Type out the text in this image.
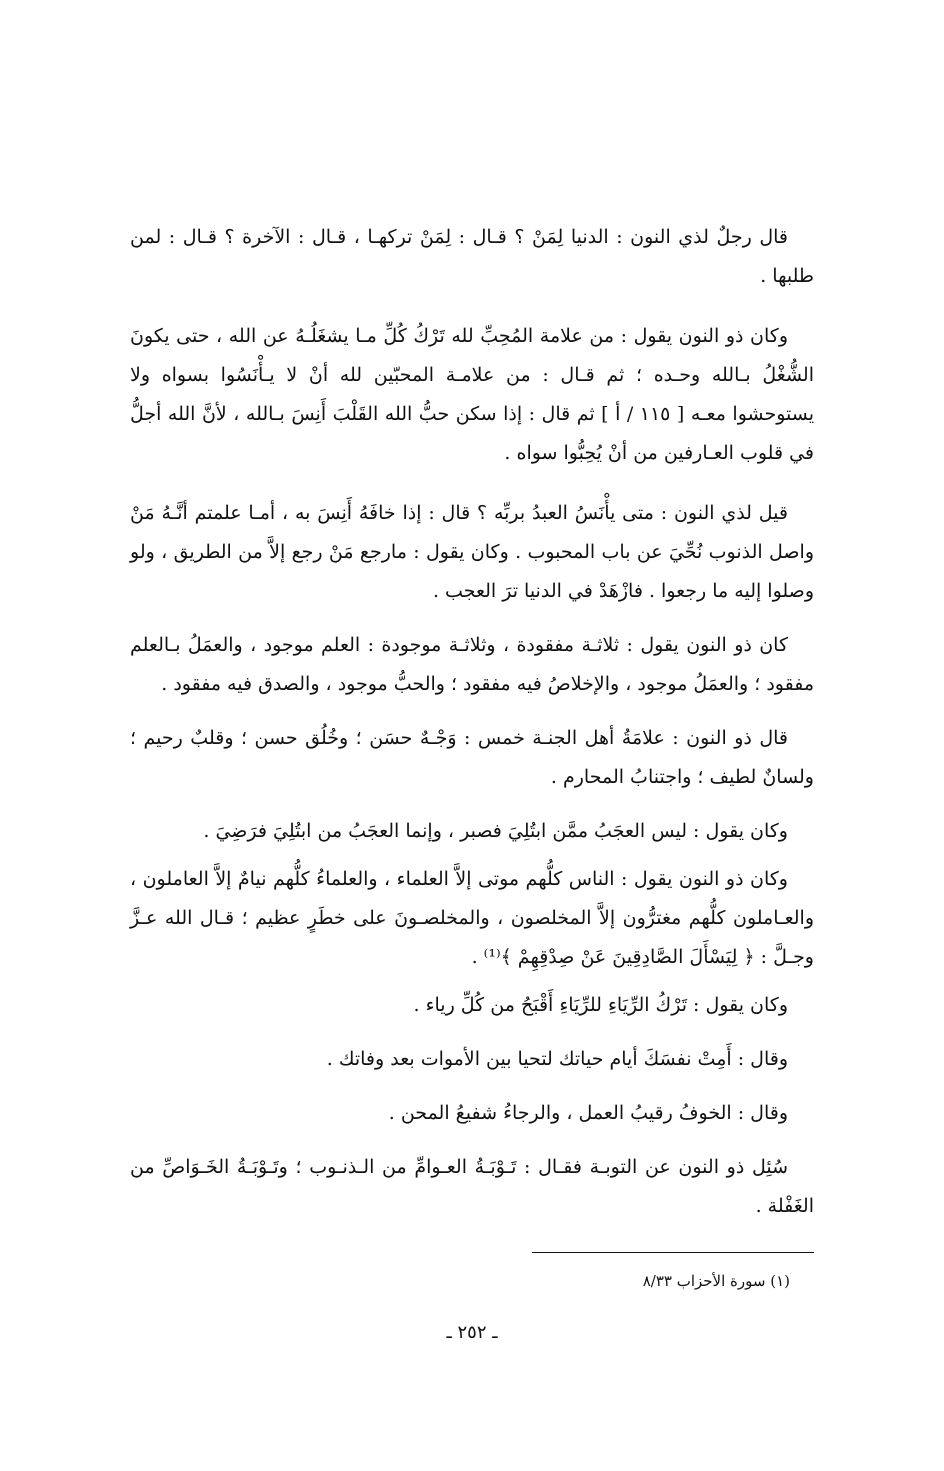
قال رجلٌ لذي النون : الدنيا لِمَنْ ؟ قـال : لِمَنْ تركهـا ، قـال : الآخرة ؟ قـال : لمن طلبها .

وكان ذو النون يقول : من علامة المُحِبِّ لله تَرْكُ كُلِّ مـا يشغَلُـهُ عن الله ، حتى يكونَ الشُّغْلُ بـالله وحـده ؛ ثم قـال : من علامـة المحبّين لله أنْ لا يـأْنَسُوا بسواه ولا يستوحشوا معـه [ ١١٥ / أ ] ثم قال : إذا سكن حبُّ الله القَلْبَ أَنِسَ بـالله ، لأنَّ الله أجلُّ في قلوب العـارفين من أنْ يُحِبُّوا سواه .

قيل لذي النون : متى يأْنَسُ العبدُ بربِّه ؟ قال : إذا خافَهُ أَنِسَ به ، أمـا علمتم أنَّـهُ مَنْ واصل الذنوب نُحِّيَ عن باب المحبوب . وكان يقول : مارجع مَنْ رجع إلاَّ من الطريق ، ولو وصلوا إليه ما رجعوا . فازْهَدْ في الدنيا ترَ العجب .

كان ذو النون يقول : ثلاثـة مفقودة ، وثلاثـة موجودة : العلم موجود ، والعمَلُ بـالعلم مفقود ؛ والعمَلُ موجود ، والإخلاصُ فيه مفقود ؛ والحبُّ موجود ، والصدق فيه مفقود .

قال ذو النون : علامَةُ أهل الجنـة خمس : وَجْـهٌ حسَن ؛ وخُلُق حسن ؛ وقلبٌ رحيم ؛ ولسانٌ لطيف ؛ واجتنابُ المحارم .

وكان يقول : ليس العجَبُ ممَّن ابتُلِيَ فصبر ، وإنما العجَبُ من ابتُلِيَ فرَضِيَ .

وكان ذو النون يقول : الناس كلُّهم موتى إلاَّ العلماء ، والعلماءُ كلُّهم نيامٌ إلاَّ العاملون ، والعـاملون كلُّهم مغترُّون إلاَّ المخلصون ، والمخلصـونَ على خطَرٍ عظيم ؛ قـال الله عـزَّ وجـلَّ : ﴿ لِيَسْأَلَ الصَّادِقِينَ عَنْ صِدْقِهِمْ ﴾⁽¹⁾ .

وكان يقول : تَرْكُ الرِّيَاءِ للرِّيَاءِ أَقْبَحُ من كُلِّ رياء .

وقال : أَمِتْ نفسَكَ أيام حياتك لتحيا بين الأموات بعد وفاتك .

وقال : الخوفُ رقيبُ العمل ، والرجاءُ شفيعُ المحن .

سُئِل ذو النون عن التوبـة فقـال : تَـوْبَـةُ العـوامِّ من الـذنـوب ؛ وتَـوْبَـةُ الخَـوَاصِّ من الغَفْلة .

(١) سورة الأحزاب ٨/٣٣
ـ ٢٥٢ ـ
